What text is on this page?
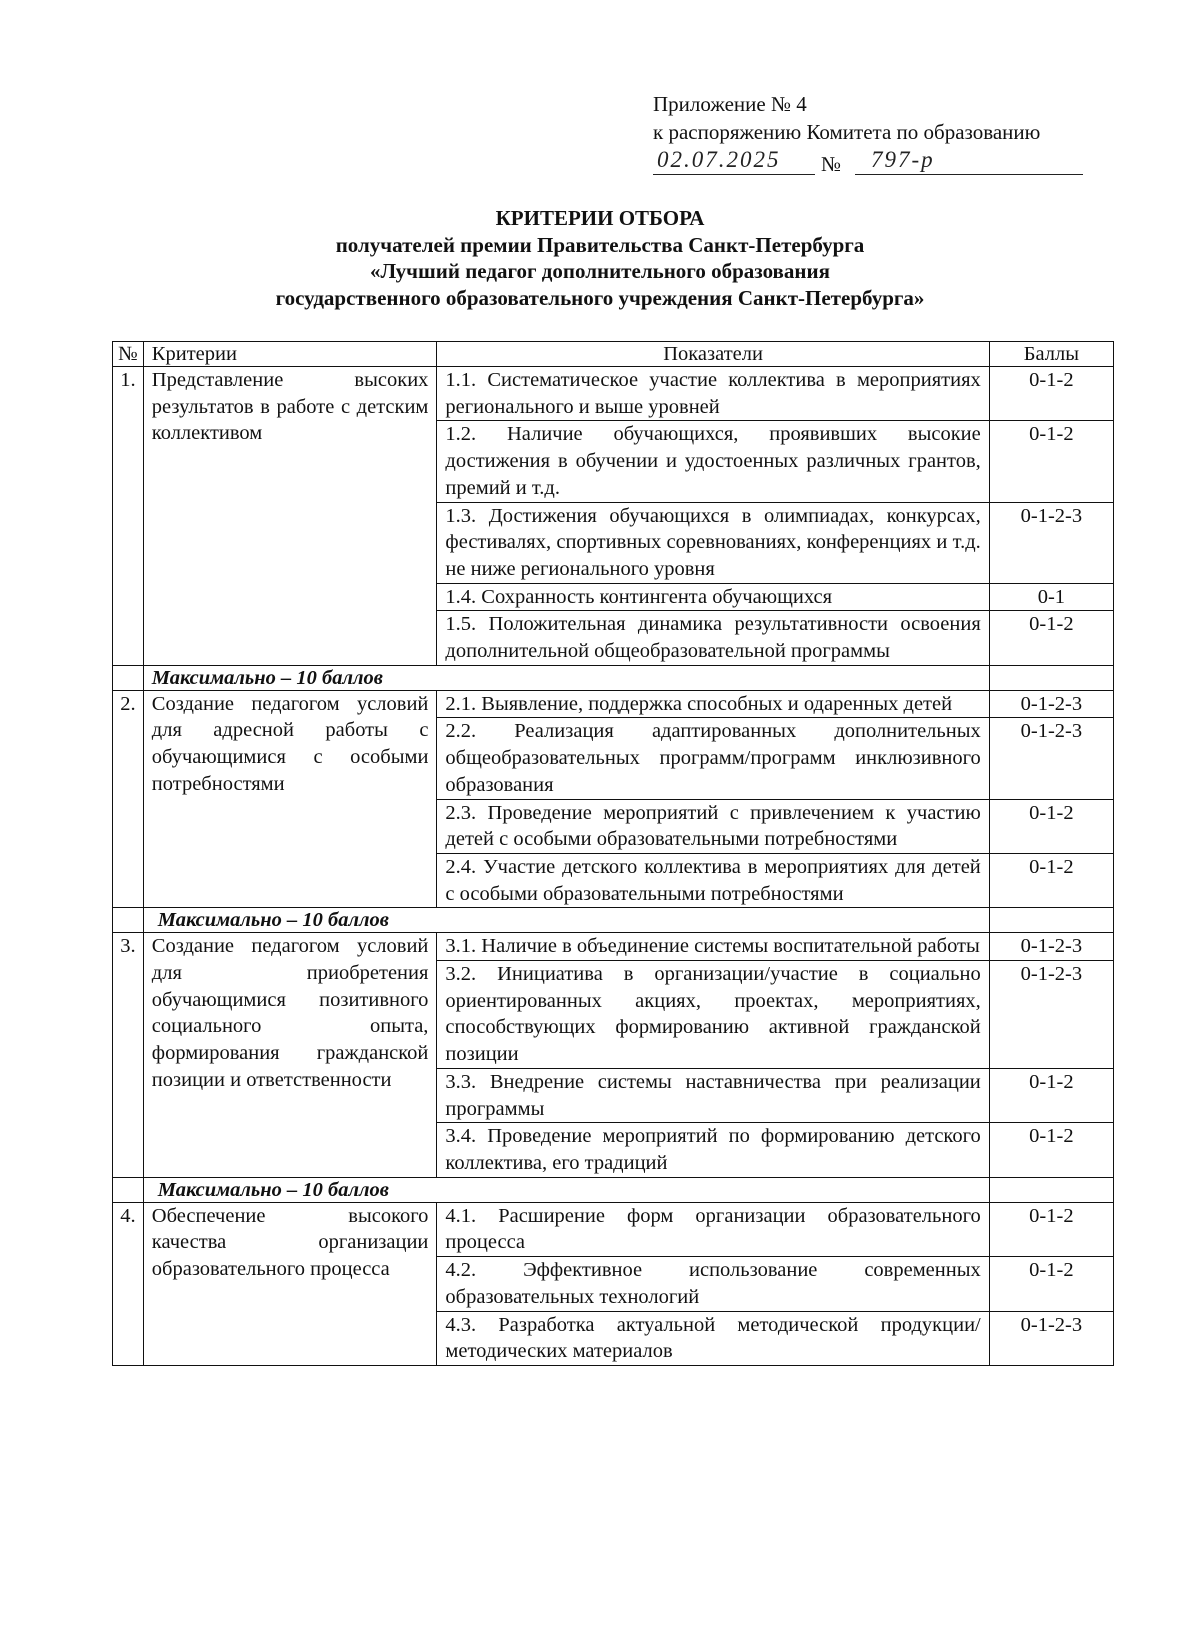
Приложение № 4
к распоряжению Комитета по образованию
02.07.2025 № 797-р
КРИТЕРИИ ОТБОРА
получателей премии Правительства Санкт-Петербурга
«Лучший педагог дополнительного образования
государственного образовательного учреждения Санкт-Петербурга»
№	Критерии	Показатели	Баллы
1.	Представление высоких результатов в работе с детским коллективом	1.1. Систематическое участие коллектива в мероприятиях регионального и выше уровней	0-1-2
		1.2. Наличие обучающихся, проявивших высокие достижения в обучении и удостоенных различных грантов, премий и т.д.	0-1-2
		1.3. Достижения обучающихся в олимпиадах, конкурсах, фестивалях, спортивных соревнованиях, конференциях и т.д. не ниже регионального уровня	0-1-2-3
		1.4. Сохранность контингента обучающихся	0-1
		1.5. Положительная динамика результативности освоения дополнительной общеобразовательной программы	0-1-2
	Максимально – 10 баллов		
2.	Создание педагогом условий для адресной работы с обучающимися с особыми потребностями	2.1. Выявление, поддержка способных и одаренных детей	0-1-2-3
		2.2. Реализация адаптированных дополнительных общеобразовательных программ/программ инклюзивного образования	0-1-2-3
		2.3. Проведение мероприятий с привлечением к участию детей с особыми образовательными потребностями	0-1-2
		2.4. Участие детского коллектива в мероприятиях для детей с особыми образовательными потребностями	0-1-2
	Максимально – 10 баллов		
3.	Создание педагогом условий для приобретения обучающимися позитивного социального опыта, формирования гражданской позиции и ответственности	3.1. Наличие в объединение системы воспитательной работы	0-1-2-3
		3.2. Инициатива в организации/участие в социально ориентированных акциях, проектах, мероприятиях, способствующих формированию активной гражданской позиции	0-1-2-3
		3.3. Внедрение системы наставничества при реализации программы	0-1-2
		3.4. Проведение мероприятий по формированию детского коллектива, его традиций	0-1-2
	Максимально – 10 баллов		
4.	Обеспечение высокого качества организации образовательного процесса	4.1. Расширение форм организации образовательного процесса	0-1-2
		4.2. Эффективное использование современных образовательных технологий	0-1-2
		4.3. Разработка актуальной методической продукции/методических материалов	0-1-2-3
